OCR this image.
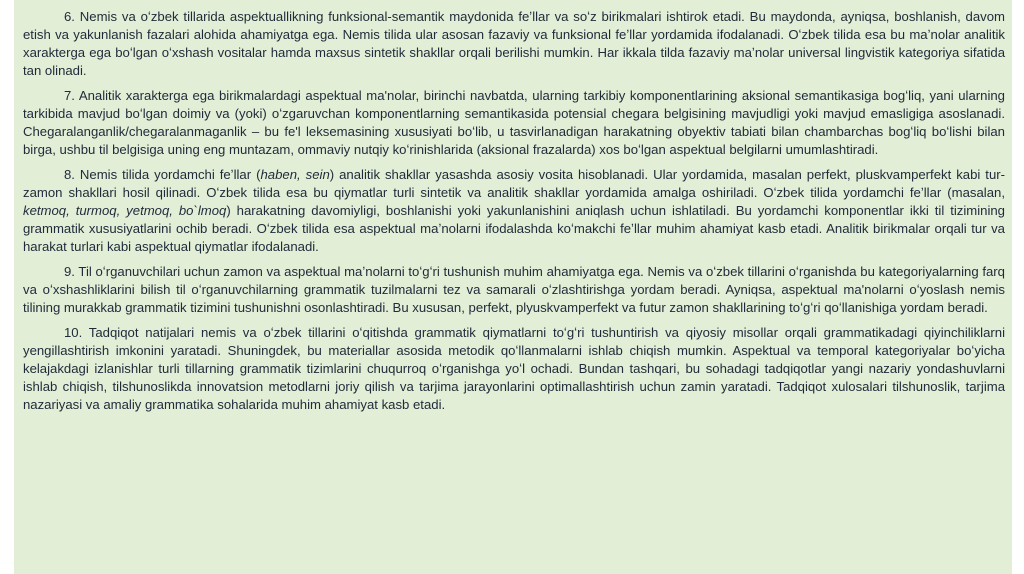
6. Nemis va oʻzbek tillarida aspektuallikning funksional-semantik maydonida feʼllar va soʻz birikmalari ishtirok etadi. Bu maydonda, ayniqsa, boshlanish, davom etish va yakunlanish fazalari alohida ahamiyatga ega. Nemis tilida ular asosan fazaviy va funksional feʼllar yordamida ifodalanadi. Oʻzbek tilida esa bu maʼnolar analitik xarakterga ega boʻlgan oʻxshash vositalar hamda maxsus sintetik shakllar orqali berilishi mumkin. Har ikkala tilda fazaviy maʼnolar universal lingvistik kategoriya sifatida tan olinadi.

7. Analitik xarakterga ega birikmalardagi aspektual ma'nolar, birinchi navbatda, ularning tarkibiy komponentlarining aksional semantikasiga bogʻliq, yani ularning tarkibida mavjud boʻlgan doimiy va (yoki) oʻzgaruvchan komponentlarning semantikasida potensial chegara belgisining mavjudligi yoki mavjud emasligiga asoslanadi. Chegaralanganlik/chegaralanmaganlik – bu fe'l leksemasining xususiyati boʻlib, u tasvirlanadigan harakatning obyektiv tabiati bilan chambarchas bogʻliq boʻlishi bilan birga, ushbu til belgisiga uning eng muntazam, ommaviy nutqiy koʻrinishlarida (aksional frazalarda) xos boʻlgan aspektual belgilarni umumlashtiradi.

8. Nemis tilida yordamchi feʼllar (haben, sein) analitik shakllar yasashda asosiy vosita hisoblanadi. Ular yordamida, masalan perfekt, pluskvamperfekt kabi tur-zamon shakllari hosil qilinadi. Oʻzbek tilida esa bu qiymatlar turli sintetik va analitik shakllar yordamida amalga oshiriladi. Oʻzbek tilida yordamchi feʼllar (masalan, ketmoq, turmoq, yetmoq, bo`lmoq) harakatning davomiyligi, boshlanishi yoki yakunlanishini aniqlash uchun ishlatiladi. Bu yordamchi komponentlar ikki til tizimining grammatik xususiyatlarini ochib beradi. Oʻzbek tilida esa aspektual maʼnolarni ifodalashda koʻmakchi feʼllar muhim ahamiyat kasb etadi. Analitik birikmalar orqali tur va harakat turlari kabi aspektual qiymatlar ifodalanadi.

9. Til oʻrganuvchilari uchun zamon va aspektual maʼnolarni toʻgʻri tushunish muhim ahamiyatga ega. Nemis va oʻzbek tillarini oʻrganishda bu kategoriyalarning farq va oʻxshashliklarini bilish til oʻrganuvchilarning grammatik tuzilmalarni tez va samarali oʻzlashtirishga yordam beradi. Ayniqsa, aspektual ma'nolarni oʻyoslash nemis tilining murakkab grammatik tizimini tushunishni osonlashtiradi. Bu xususan, perfekt, plyuskvamperfekt va futur zamon shakllarining toʻgʻri qoʻllanishiga yordam beradi.

10. Tadqiqot natijalari nemis va oʻzbek tillarini oʻqitishda grammatik qiymatlarni toʻgʻri tushuntirish va qiyosiy misollar orqali grammatikadagi qiyinchiliklarni yengillashtirish imkonini yaratadi. Shuningdek, bu materiallar asosida metodik qoʻllanmalarni ishlab chiqish mumkin. Aspektual va temporal kategoriyalar boʻyicha kelajakdagi izlanishlar turli tillarning grammatik tizimlarini chuqurroq oʻrganishga yoʻl ochadi. Bundan tashqari, bu sohadagi tadqiqotlar yangi nazariy yondashuvlarni ishlab chiqish, tilshunoslikda innovatsion metodlarni joriy qilish va tarjima jarayonlarini optimallashtirish uchun zamin yaratadi. Tadqiqot xulosalari tilshunoslik, tarjima nazariyasi va amaliy grammatika sohalarida muhim ahamiyat kasb etadi.
